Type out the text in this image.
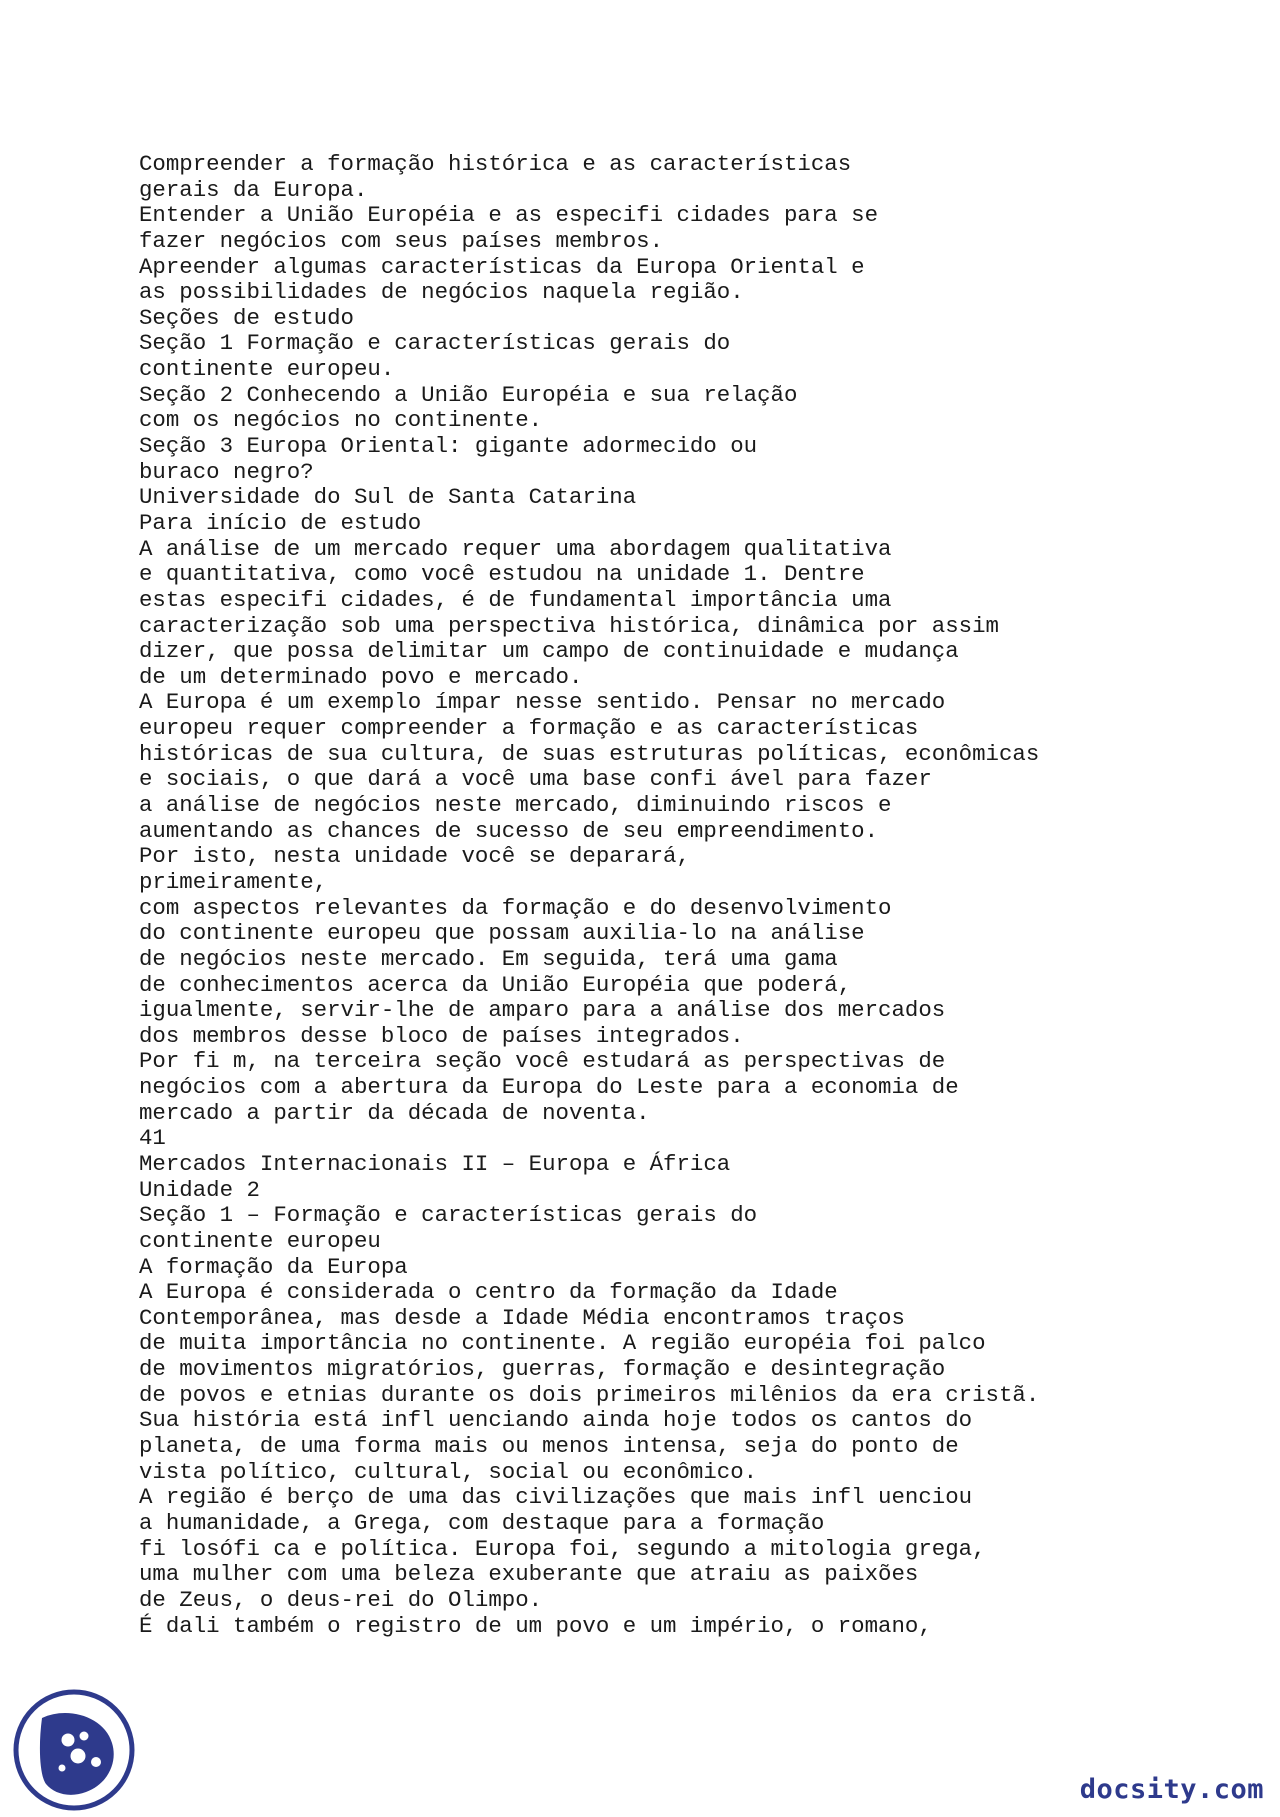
Compreender a formação histórica e as características
gerais da Europa.
Entender a União Européia e as especifi cidades para se
fazer negócios com seus países membros.
Apreender algumas características da Europa Oriental e
as possibilidades de negócios naquela região.
Seções de estudo
Seção 1 Formação e características gerais do
continente europeu.
Seção 2 Conhecendo a União Européia e sua relação
com os negócios no continente.
Seção 3 Europa Oriental: gigante adormecido ou
buraco negro?
Universidade do Sul de Santa Catarina
Para início de estudo
A análise de um mercado requer uma abordagem qualitativa
e quantitativa, como você estudou na unidade 1. Dentre
estas especifi cidades, é de fundamental importância uma
caracterização sob uma perspectiva histórica, dinâmica por assim
dizer, que possa delimitar um campo de continuidade e mudança
de um determinado povo e mercado.
A Europa é um exemplo ímpar nesse sentido. Pensar no mercado
europeu requer compreender a formação e as características
históricas de sua cultura, de suas estruturas políticas, econômicas
e sociais, o que dará a você uma base confi ável para fazer
a análise de negócios neste mercado, diminuindo riscos e
aumentando as chances de sucesso de seu empreendimento.
Por isto, nesta unidade você se deparará,
primeiramente,
com aspectos relevantes da formação e do desenvolvimento
do continente europeu que possam auxilia-lo na análise
de negócios neste mercado. Em seguida, terá uma gama
de conhecimentos acerca da União Européia que poderá,
igualmente, servir-lhe de amparo para a análise dos mercados
dos membros desse bloco de países integrados.
Por fi m, na terceira seção você estudará as perspectivas de
negócios com a abertura da Europa do Leste para a economia de
mercado a partir da década de noventa.
41
Mercados Internacionais II – Europa e África
Unidade 2
Seção 1 – Formação e características gerais do
continente europeu
A formação da Europa
A Europa é considerada o centro da formação da Idade
Contemporânea, mas desde a Idade Média encontramos traços
de muita importância no continente. A região européia foi palco
de movimentos migratórios, guerras, formação e desintegração
de povos e etnias durante os dois primeiros milênios da era cristã.
Sua história está infl uenciando ainda hoje todos os cantos do
planeta, de uma forma mais ou menos intensa, seja do ponto de
vista político, cultural, social ou econômico.
A região é berço de uma das civilizações que mais infl uenciou
a humanidade, a Grega, com destaque para a formação
fi losófi ca e política. Europa foi, segundo a mitologia grega,
uma mulher com uma beleza exuberante que atraiu as paixões
de Zeus, o deus-rei do Olimpo.
É dali também o registro de um povo e um império, o romano,
docsity.com
